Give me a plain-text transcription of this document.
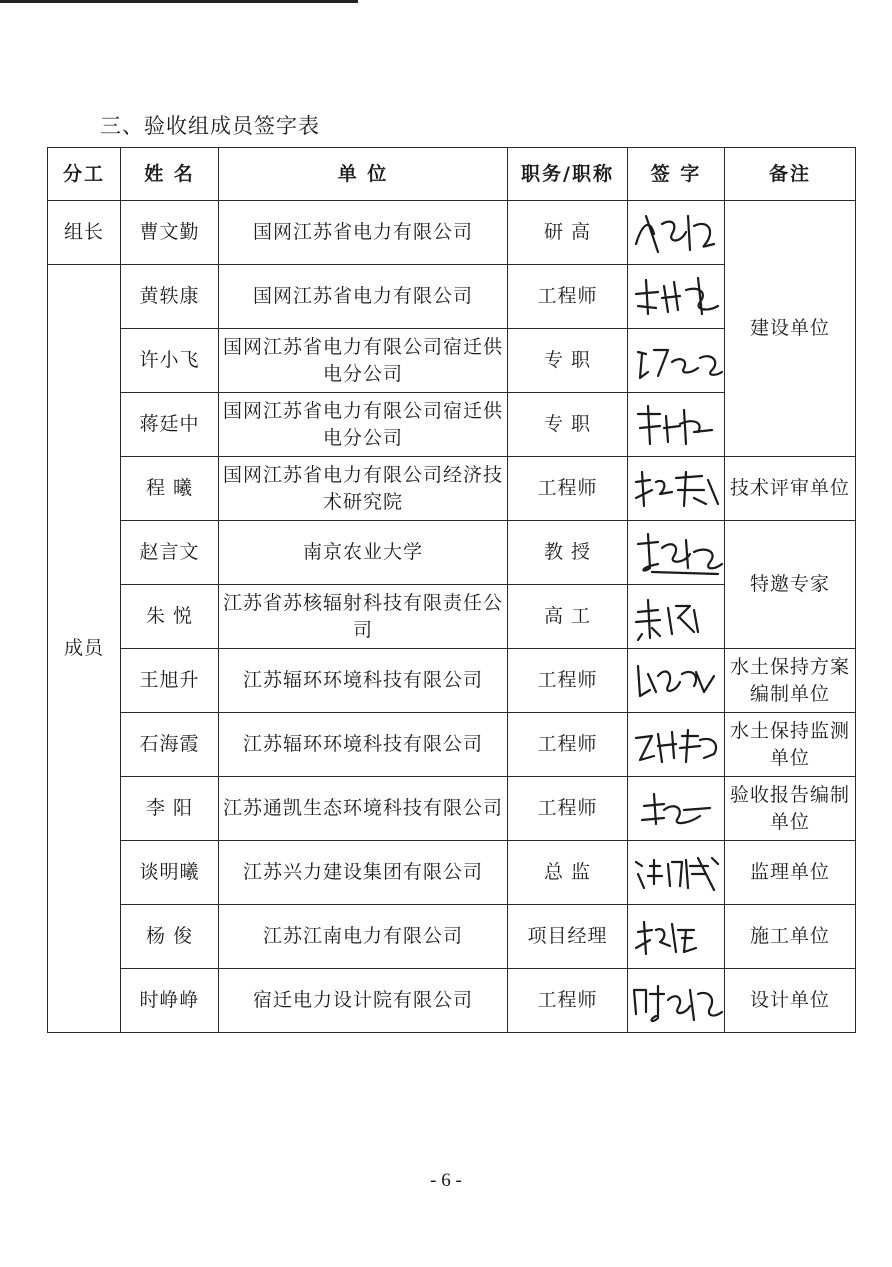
三、验收组成员签字表
分工	姓 名	单 位	职务/职称	签 字	备注
组长	曹文勤	国网江苏省电力有限公司	研 高		建设单位
成员	黄轶康	国网江苏省电力有限公司	工程师	

	许小飞	国网江苏省电力有限公司宿迁供电分公司	专 职	

	蒋廷中	国网江苏省电力有限公司宿迁供电分公司	专 职	

	程 曦	国网江苏省电力有限公司经济技术研究院	工程师		技术评审单位
	赵言文	南京农业大学	教 授		特邀专家
	朱 悦	江苏省苏核辐射科技有限责任公司	高 工	

	王旭升	江苏辐环环境科技有限公司	工程师		水土保持方案编制单位
	石海霞	江苏辐环环境科技有限公司	工程师		水土保持监测单位
	李 阳	江苏通凯生态环境科技有限公司	工程师		验收报告编制单位
	谈明曦	江苏兴力建设集团有限公司	总 监		监理单位
	杨 俊	江苏江南电力有限公司	项目经理		施工单位
	时峥峥	宿迁电力设计院有限公司	工程师		设计单位
- 6 -
